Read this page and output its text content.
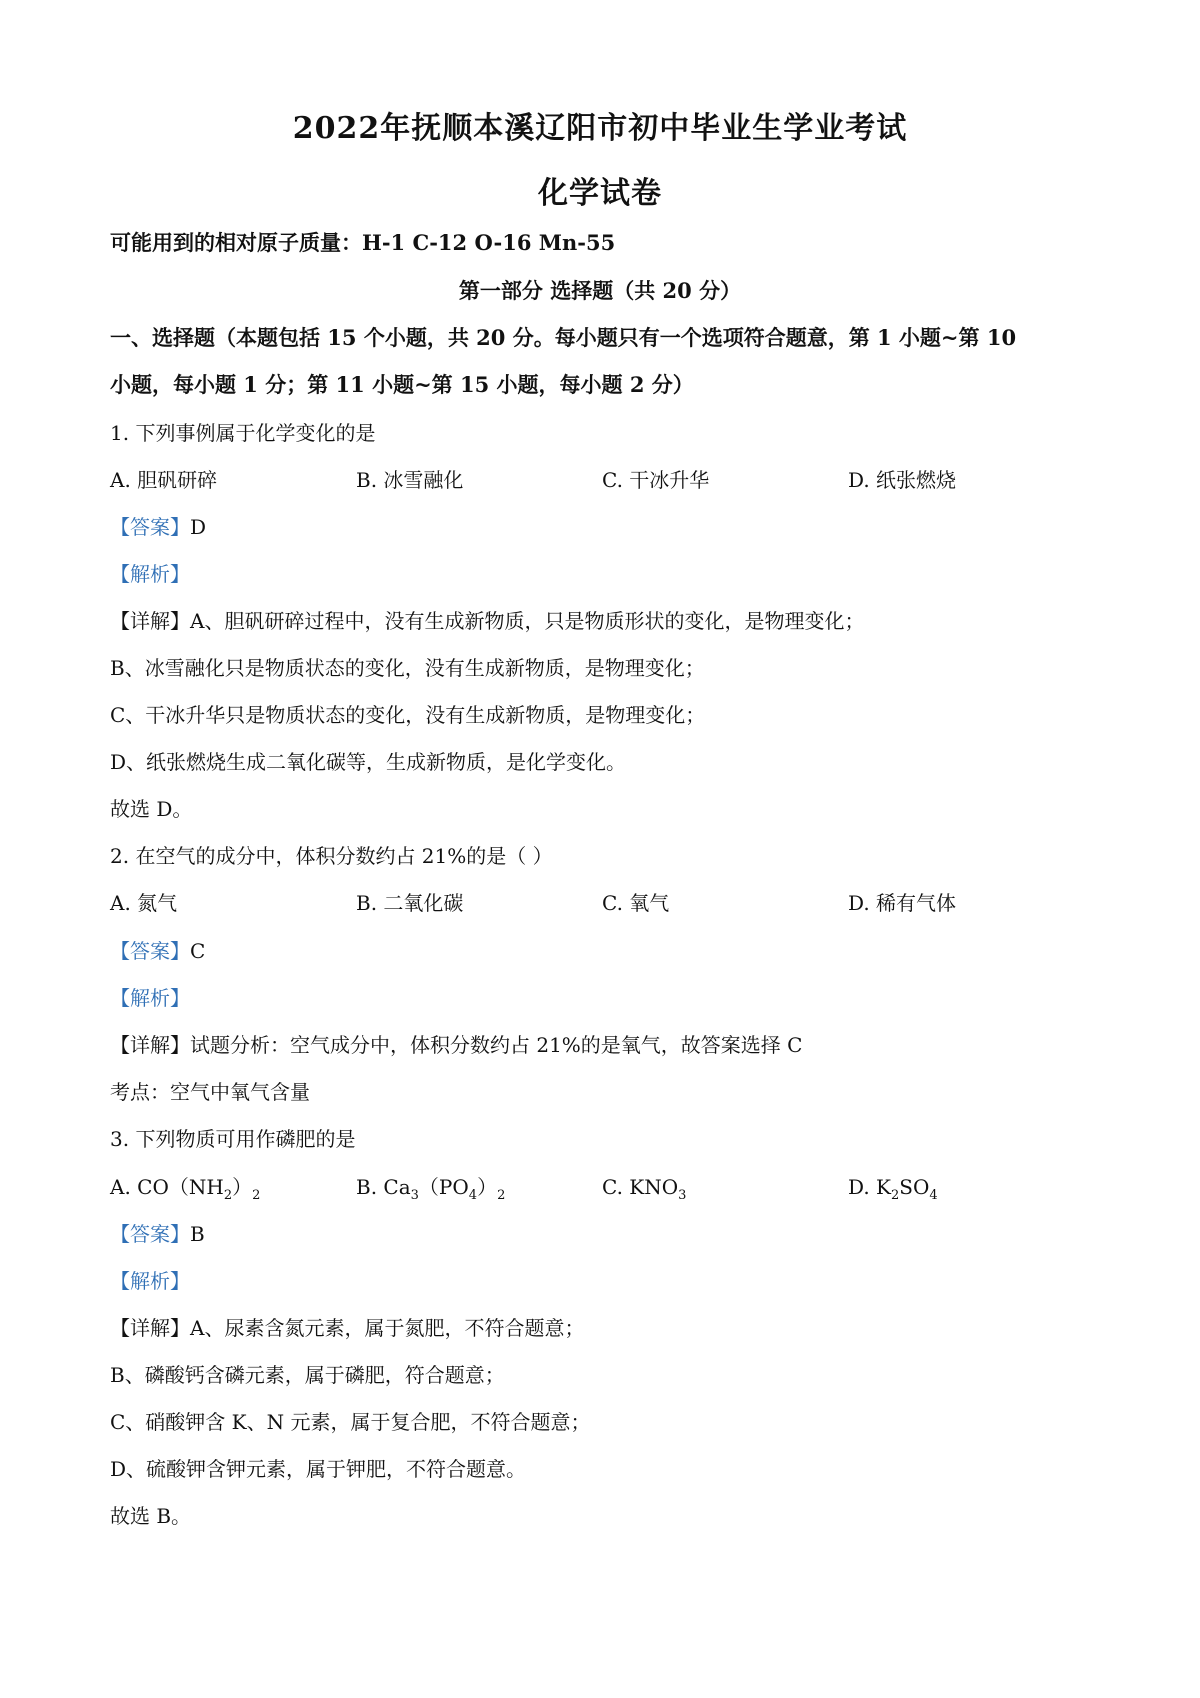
2022年抚顺本溪辽阳市初中毕业生学业考试
化学试卷
可能用到的相对原子质量：H-1 C-12 O-16 Mn-55
第一部分 选择题（共 20 分）
一、选择题（本题包括 15 个小题，共 20 分。每小题只有一个选项符合题意，第 1 小题~第 10
小题，每小题 1 分；第 11 小题~第 15 小题，每小题 2 分）
1. 下列事例属于化学变化的是
A. 胆矾研碎	B. 冰雪融化	C. 干冰升华	D. 纸张燃烧
【答案】D
【解析】
【详解】A、胆矾研碎过程中，没有生成新物质，只是物质形状的变化，是物理变化；
B、冰雪融化只是物质状态的变化，没有生成新物质，是物理变化；
C、干冰升华只是物质状态的变化，没有生成新物质，是物理变化；
D、纸张燃烧生成二氧化碳等，生成新物质，是化学变化。
故选 D。
2. 在空气的成分中，体积分数约占 21%的是（ ）
A. 氮气	B. 二氧化碳	C. 氧气	D. 稀有气体
【答案】C
【解析】
【详解】试题分析：空气成分中，体积分数约占 21%的是氧气，故答案选择 C
考点：空气中氧气含量
3. 下列物质可用作磷肥的是
A. $CO(NH_2)_2$	B. $Ca_3(PO_4)_2$	C. $KNO_3$	D. $K_2SO_4$
【答案】B
【解析】
【详解】A、尿素含氮元素，属于氮肥，不符合题意；
B、磷酸钙含磷元素，属于磷肥，符合题意；
C、硝酸钾含 K、N 元素，属于复合肥，不符合题意；
D、硫酸钾含钾元素，属于钾肥，不符合题意。
故选 B。
